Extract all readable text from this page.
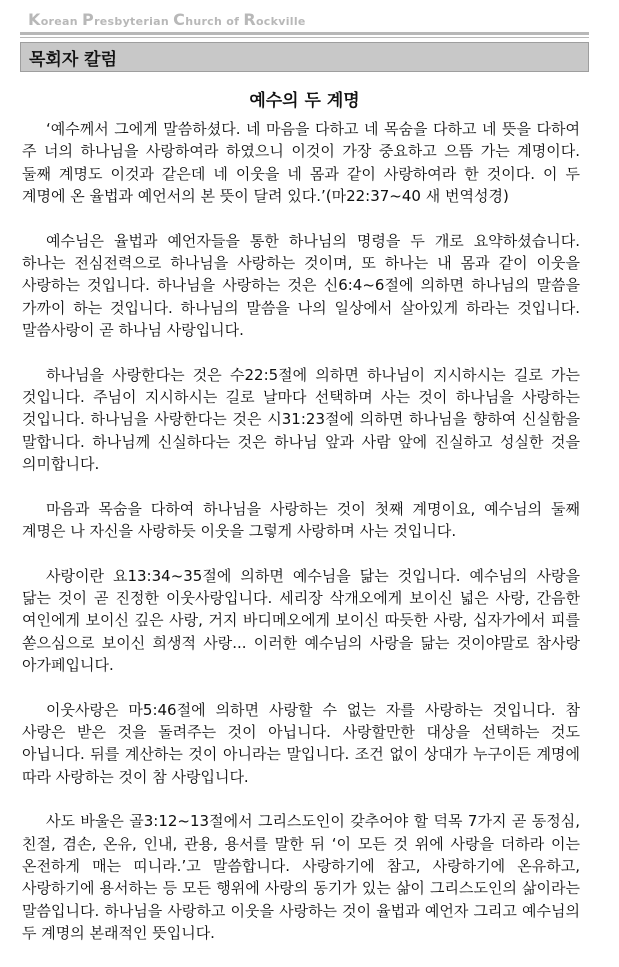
Korean Presbyterian Church of Rockville
목회자 칼럼
예수의 두 계명

‘예수께서 그에게 말씀하셨다. 네 마음을 다하고 네 목숨을 다하고 네 뜻을 다하여 주 너의 하나님을 사랑하여라 하였으니 이것이 가장 중요하고 으뜸 가는 계명이다. 둘째 계명도 이것과 같은데 네 이웃을 네 몸과 같이 사랑하여라 한 것이다. 이 두 계명에 온 율법과 예언서의 본 뜻이 달려 있다.’(마22:37~40 새 번역성경)

예수님은 율법과 예언자들을 통한 하나님의 명령을 두 개로 요약하셨습니다. 하나는 전심전력으로 하나님을 사랑하는 것이며, 또 하나는 내 몸과 같이 이웃을 사랑하는 것입니다. 하나님을 사랑하는 것은 신6:4~6절에 의하면 하나님의 말씀을 가까이 하는 것입니다. 하나님의 말씀을 나의 일상에서 살아있게 하라는 것입니다. 말씀사랑이 곧 하나님 사랑입니다.

하나님을 사랑한다는 것은 수22:5절에 의하면 하나님이 지시하시는 길로 가는 것입니다. 주님이 지시하시는 길로 날마다 선택하며 사는 것이 하나님을 사랑하는 것입니다. 하나님을 사랑한다는 것은 시31:23절에 의하면 하나님을 향하여 신실함을 말합니다. 하나님께 신실하다는 것은 하나님 앞과 사람 앞에 진실하고 성실한 것을 의미합니다.

마음과 목숨을 다하여 하나님을 사랑하는 것이 첫째 계명이요, 예수님의 둘째 계명은 나 자신을 사랑하듯 이웃을 그렇게 사랑하며 사는 것입니다.

사랑이란 요13:34~35절에 의하면 예수님을 닮는 것입니다. 예수님의 사랑을 닮는 것이 곧 진정한 이웃사랑입니다. 세리장 삭개오에게 보이신 넓은 사랑, 간음한 여인에게 보이신 깊은 사랑, 거지 바디메오에게 보이신 따듯한 사랑, 십자가에서 피를 쏟으심으로 보이신 희생적 사랑... 이러한 예수님의 사랑을 닮는 것이야말로 참사랑 아가페입니다.

이웃사랑은 마5:46절에 의하면 사랑할 수 없는 자를 사랑하는 것입니다. 참 사랑은 받은 것을 돌려주는 것이 아닙니다. 사랑할만한 대상을 선택하는 것도 아닙니다. 뒤를 계산하는 것이 아니라는 말입니다. 조건 없이 상대가 누구이든 계명에 따라 사랑하는 것이 참 사랑입니다.

사도 바울은 골3:12~13절에서 그리스도인이 갖추어야 할 덕목 7가지 곧 동정심, 친절, 겸손, 온유, 인내, 관용, 용서를 말한 뒤 ‘이 모든 것 위에 사랑을 더하라 이는 온전하게 매는 띠니라.’고 말씀합니다. 사랑하기에 참고, 사랑하기에 온유하고, 사랑하기에 용서하는 등 모든 행위에 사랑의 동기가 있는 삶이 그리스도인의 삶이라는 말씀입니다. 하나님을 사랑하고 이웃을 사랑하는 것이 율법과 예언자 그리고 예수님의 두 계명의 본래적인 뜻입니다.
